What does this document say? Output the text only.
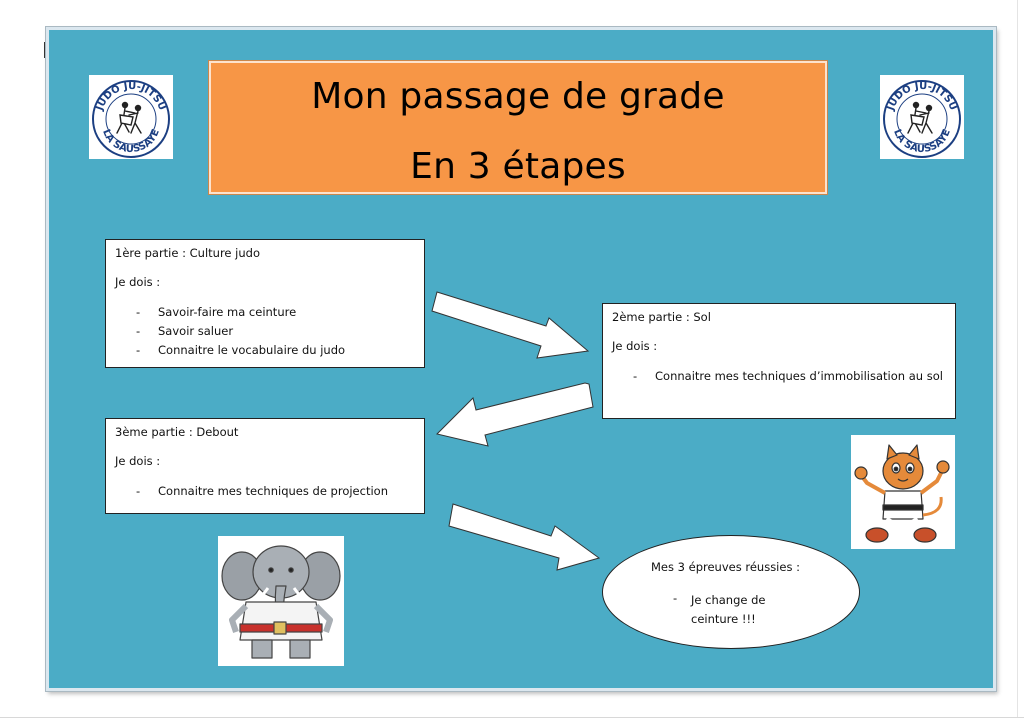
Mon passage de grade
En 3 étapes
JUDO JU-JITSU
LA SAUSSAYE
JUDO JU-JITSU
LA SAUSSAYE
1ère partie : Culture judo
Je dois :
- Savoir-faire ma ceinture
- Savoir saluer
- Connaitre le vocabulaire du judo
2ème partie : Sol
Je dois :
- Connaitre mes techniques d’immobilisation au sol
3ème partie : Debout
Je dois :
- Connaitre mes techniques de projection
Mes 3 épreuves réussies :
- Je change de
ceinture !!!
